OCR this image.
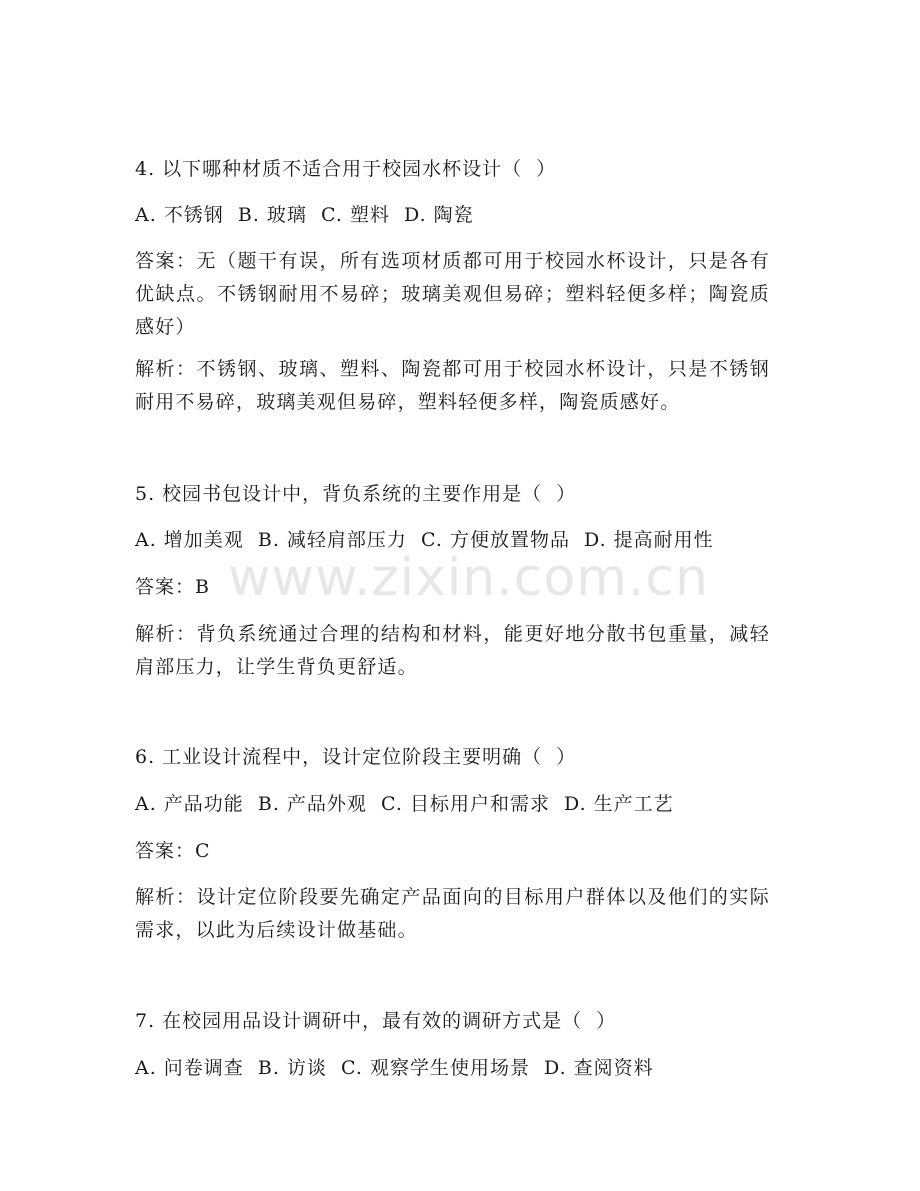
www.zixin.com.cn
4. 以下哪种材质不适合用于校园水杯设计（  ）
A. 不锈钢  B. 玻璃  C. 塑料  D. 陶瓷
答案：无（题干有误，所有选项材质都可用于校园水杯设计，只是各有优缺点。不锈钢耐用不易碎；玻璃美观但易碎；塑料轻便多样；陶瓷质感好）
解析：不锈钢、玻璃、塑料、陶瓷都可用于校园水杯设计，只是不锈钢耐用不易碎，玻璃美观但易碎，塑料轻便多样，陶瓷质感好。
5. 校园书包设计中，背负系统的主要作用是（  ）
A. 增加美观  B. 减轻肩部压力  C. 方便放置物品  D. 提高耐用性
答案：B
解析：背负系统通过合理的结构和材料，能更好地分散书包重量，减轻肩部压力，让学生背负更舒适。
6. 工业设计流程中，设计定位阶段主要明确（  ）
A. 产品功能  B. 产品外观  C. 目标用户和需求  D. 生产工艺
答案：C
解析：设计定位阶段要先确定产品面向的目标用户群体以及他们的实际需求，以此为后续设计做基础。
7. 在校园用品设计调研中，最有效的调研方式是（  ）
A. 问卷调查  B. 访谈  C. 观察学生使用场景  D. 查阅资料
